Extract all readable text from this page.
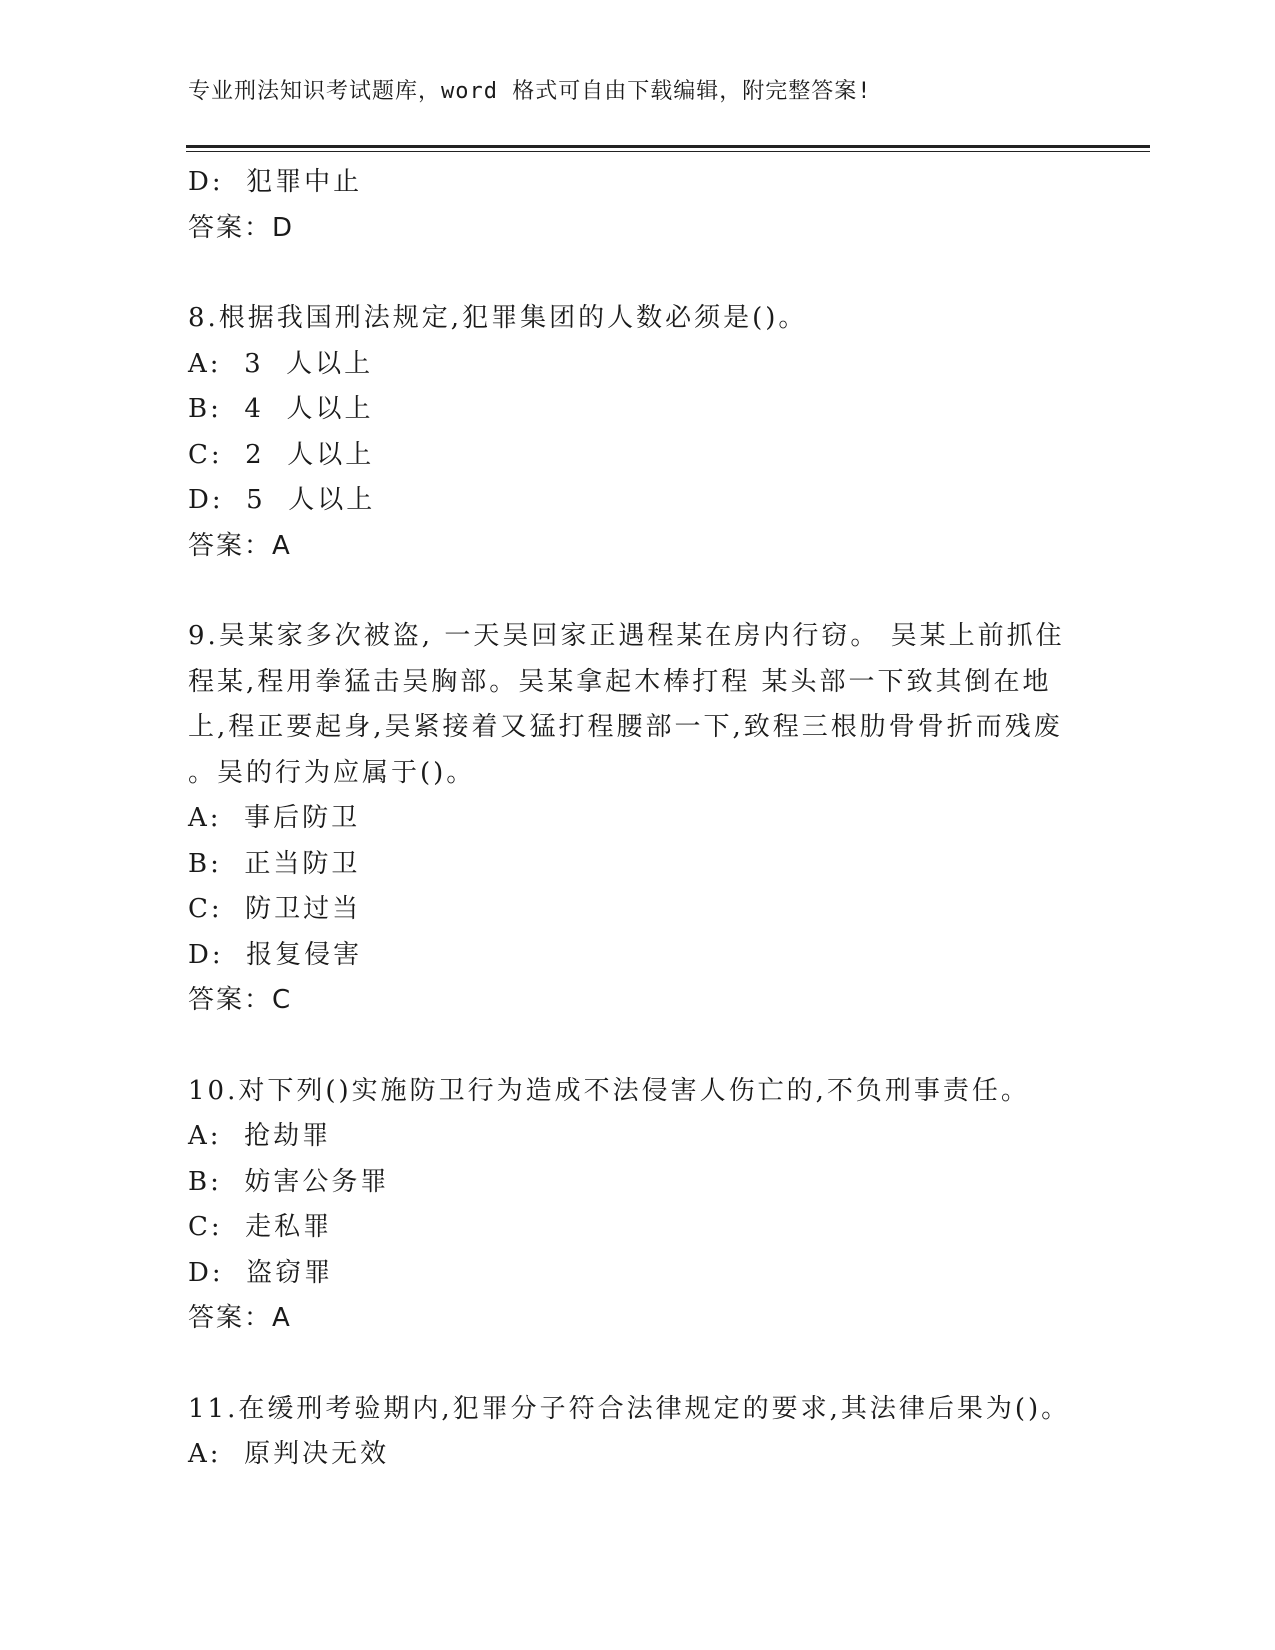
专业刑法知识考试题库，word 格式可自由下载编辑，附完整答案!
D:  犯罪中止
答案：D
8.根据我国刑法规定,犯罪集团的人数必须是()。
A:  3  人以上
B:  4  人以上
C:  2  人以上
D:  5  人以上
答案：A
9.吴某家多次被盗, 一天吴回家正遇程某在房内行窃。 吴某上前抓住
程某,程用拳猛击吴胸部。吴某拿起木棒打程 某头部一下致其倒在地
上,程正要起身,吴紧接着又猛打程腰部一下,致程三根肋骨骨折而残废
。吴的行为应属于()。
A:  事后防卫
B:  正当防卫
C:  防卫过当
D:  报复侵害
答案：C
10.对下列()实施防卫行为造成不法侵害人伤亡的,不负刑事责任。
A:  抢劫罪
B:  妨害公务罪
C:  走私罪
D:  盗窃罪
答案：A
11.在缓刑考验期内,犯罪分子符合法律规定的要求,其法律后果为()。
A:  原判决无效
